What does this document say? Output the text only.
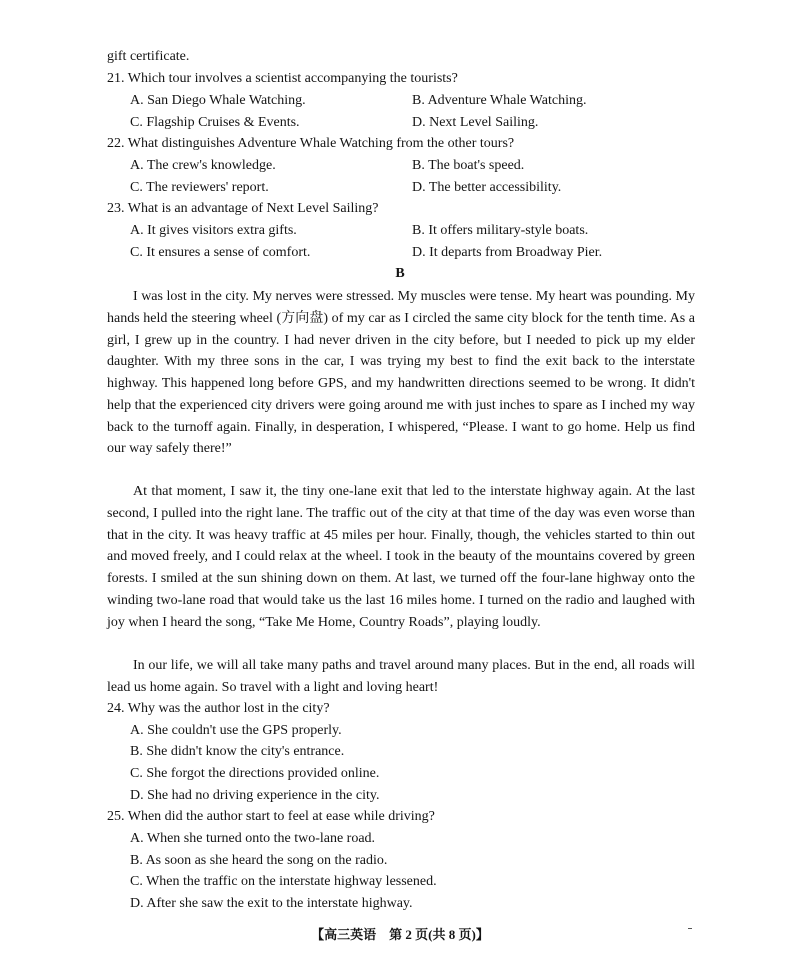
gift certificate.
21. Which tour involves a scientist accompanying the tourists?
A. San Diego Whale Watching.	B. Adventure Whale Watching.
C. Flagship Cruises & Events.	D. Next Level Sailing.
22. What distinguishes Adventure Whale Watching from the other tours?
A. The crew's knowledge.	B. The boat's speed.
C. The reviewers' report.	D. The better accessibility.
23. What is an advantage of Next Level Sailing?
A. It gives visitors extra gifts.	B. It offers military-style boats.
C. It ensures a sense of comfort.	D. It departs from Broadway Pier.
B
I was lost in the city. My nerves were stressed. My muscles were tense. My heart was pounding. My hands held the steering wheel (方向盘) of my car as I circled the same city block for the tenth time. As a girl, I grew up in the country. I had never driven in the city before, but I needed to pick up my elder daughter. With my three sons in the car, I was trying my best to find the exit back to the interstate highway. This happened long before GPS, and my handwritten directions seemed to be wrong. It didn't help that the experienced city drivers were going around me with just inches to spare as I inched my way back to the turnoff again. Finally, in desperation, I whispered, “Please. I want to go home. Help us find our way safely there!”
At that moment, I saw it, the tiny one-lane exit that led to the interstate highway again. At the last second, I pulled into the right lane. The traffic out of the city at that time of the day was even worse than that in the city. It was heavy traffic at 45 miles per hour. Finally, though, the vehicles started to thin out and moved freely, and I could relax at the wheel. I took in the beauty of the mountains covered by green forests. I smiled at the sun shining down on them. At last, we turned off the four-lane highway onto the winding two-lane road that would take us the last 16 miles home. I turned on the radio and laughed with joy when I heard the song, “Take Me Home, Country Roads”, playing loudly.
In our life, we will all take many paths and travel around many places. But in the end, all roads will lead us home again. So travel with a light and loving heart!
24. Why was the author lost in the city?
A. She couldn't use the GPS properly.
B. She didn't know the city's entrance.
C. She forgot the directions provided online.
D. She had no driving experience in the city.
25. When did the author start to feel at ease while driving?
A. When she turned onto the two-lane road.
B. As soon as she heard the song on the radio.
C. When the traffic on the interstate highway lessened.
D. After she saw the exit to the interstate highway.
【高三英语　第 2 页(共 8 页)】
